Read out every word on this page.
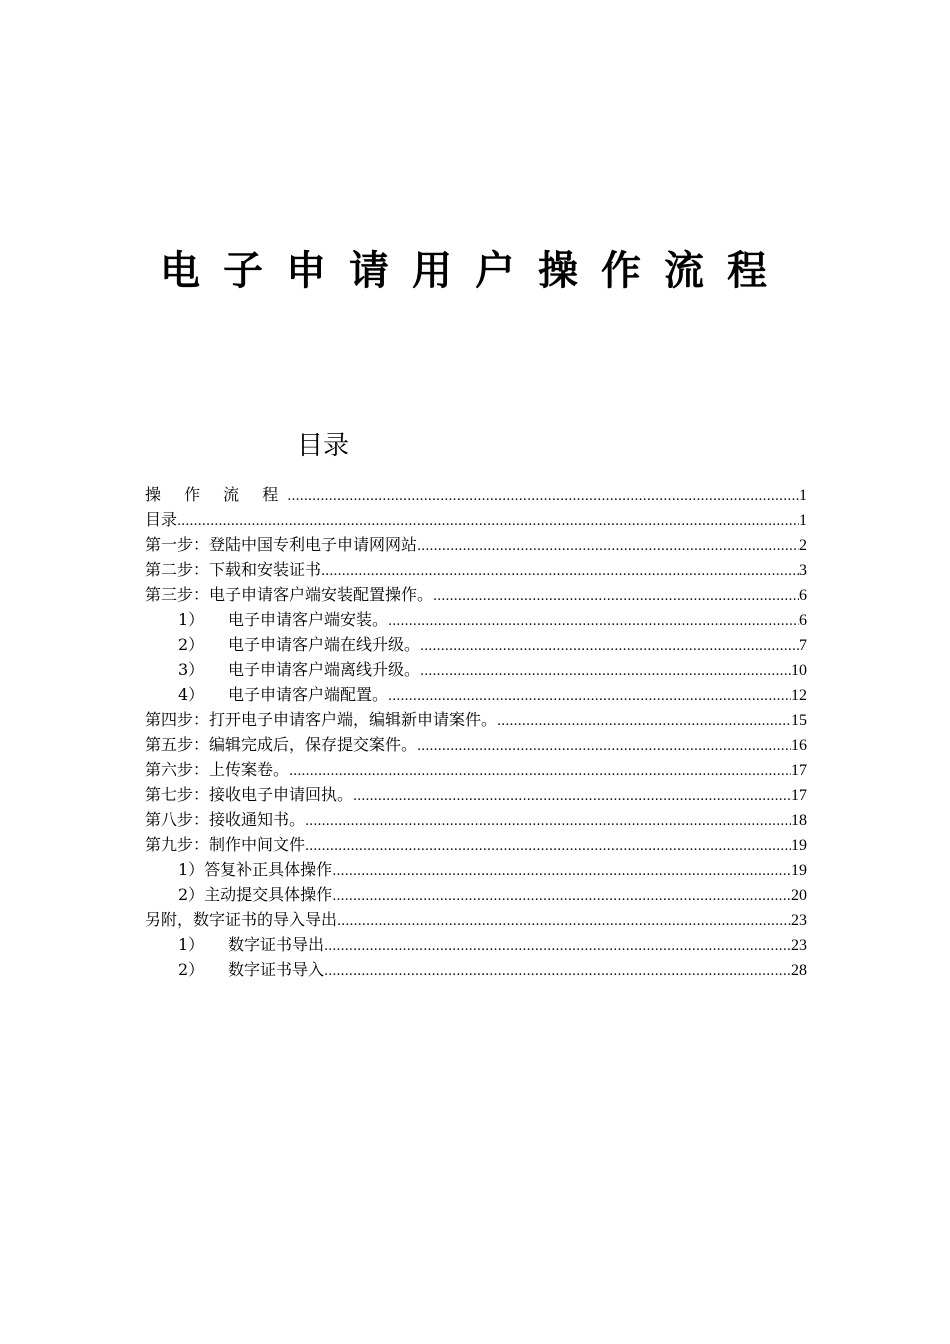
电子申请用户操作流程
目录
操 作 流 程 .....	1
目录 .....	1
第一步：登陆中国专利电子申请网网站 .....	2
第二步：下载和安装证书 .....	3
第三步：电子申请客户端安装配置操作。 .....	6
1）	电子申请客户端安装。 .....	6
2）	电子申请客户端在线升级。 .....	7
3）	电子申请客户端离线升级。 .....	10
4）	电子申请客户端配置。 .....	12
第四步：打开电子申请客户端，编辑新申请案件。 .....	15
第五步：编辑完成后，保存提交案件。 .....	16
第六步：上传案卷。 .....	17
第七步：接收电子申请回执。 .....	17
第八步：接收通知书。 .....	18
第九步：制作中间文件 .....	19
1）答复补正具体操作 .....	19
2）主动提交具体操作 .....	20
另附，数字证书的导入导出 .....	23
1）	数字证书导出 .....	23
2）	数字证书导入 .....	28
